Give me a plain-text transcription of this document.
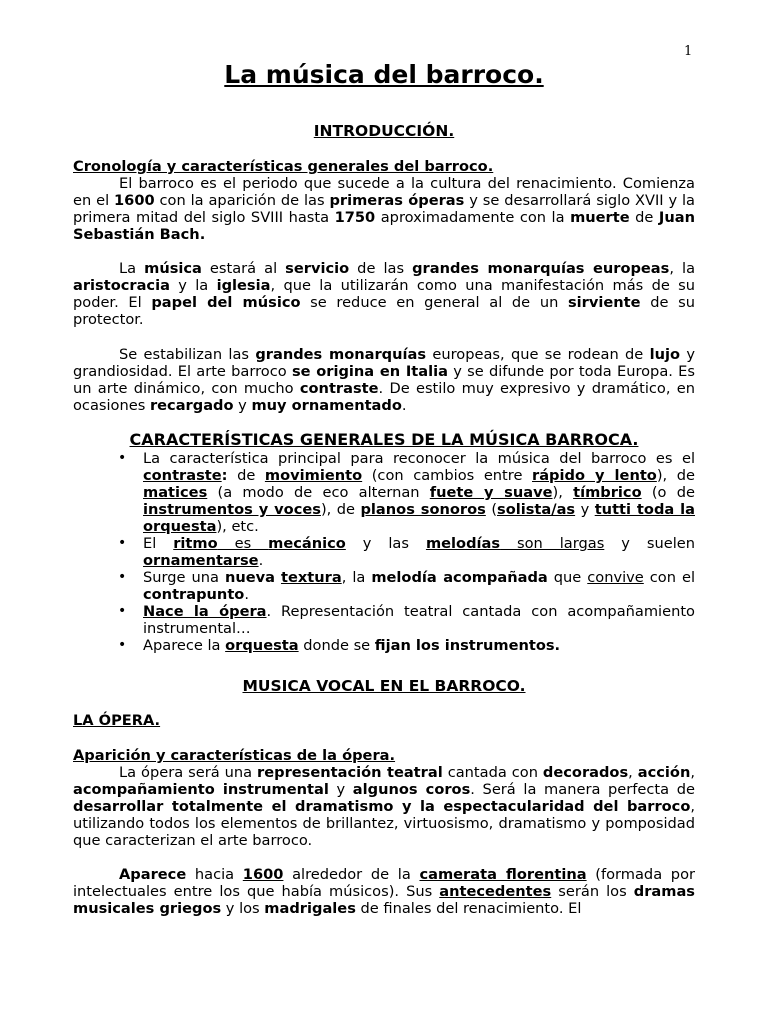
1
La música del barroco.
INTRODUCCIÓN.
Cronología y características generales del barroco.
El barroco es el periodo que sucede a la cultura del renacimiento. Comienza en el 1600 con la aparición de las primeras óperas y se desarrollará siglo XVII y la primera mitad del siglo SVIII hasta 1750 aproximadamente con la muerte de Juan Sebastián Bach.
La música estará al servicio de las grandes monarquías europeas, la aristocracia y la iglesia, que la utilizarán como una manifestación más de su poder. El papel del músico se reduce en general al de un sirviente de su protector.
Se estabilizan las grandes monarquías europeas, que se rodean de lujo y grandiosidad. El arte barroco se origina en Italia y se difunde por toda Europa. Es un arte dinámico, con mucho contraste. De estilo muy expresivo y dramático, en ocasiones recargado y muy ornamentado.
CARACTERÍSTICAS GENERALES DE LA MÚSICA BARROCA.
• La característica principal para reconocer la música del barroco es el contraste: de movimiento (con cambios entre rápido y lento), de matices (a modo de eco alternan fuete y suave), tímbrico (o de instrumentos y voces), de planos sonoros (solista/as y tutti toda la orquesta), etc.
• El ritmo es mecánico y las melodías son largas y suelen ornamentarse.
• Surge una nueva textura, la melodía acompañada que convive con el contrapunto.
• Nace la ópera. Representación teatral cantada con acompañamiento instrumental…
• Aparece la orquesta donde se fijan los instrumentos.
MUSICA VOCAL EN EL BARROCO.
LA ÓPERA.
Aparición y características de la ópera.
La ópera será una representación teatral cantada con decorados, acción, acompañamiento instrumental y algunos coros. Será la manera perfecta de desarrollar totalmente el dramatismo y la espectacularidad del barroco, utilizando todos los elementos de brillantez, virtuosismo, dramatismo y pomposidad que caracterizan el arte barroco.
Aparece hacia 1600 alrededor de la camerata florentina (formada por intelectuales entre los que había músicos). Sus antecedentes serán los dramas musicales griegos y los madrigales de finales del renacimiento. El
